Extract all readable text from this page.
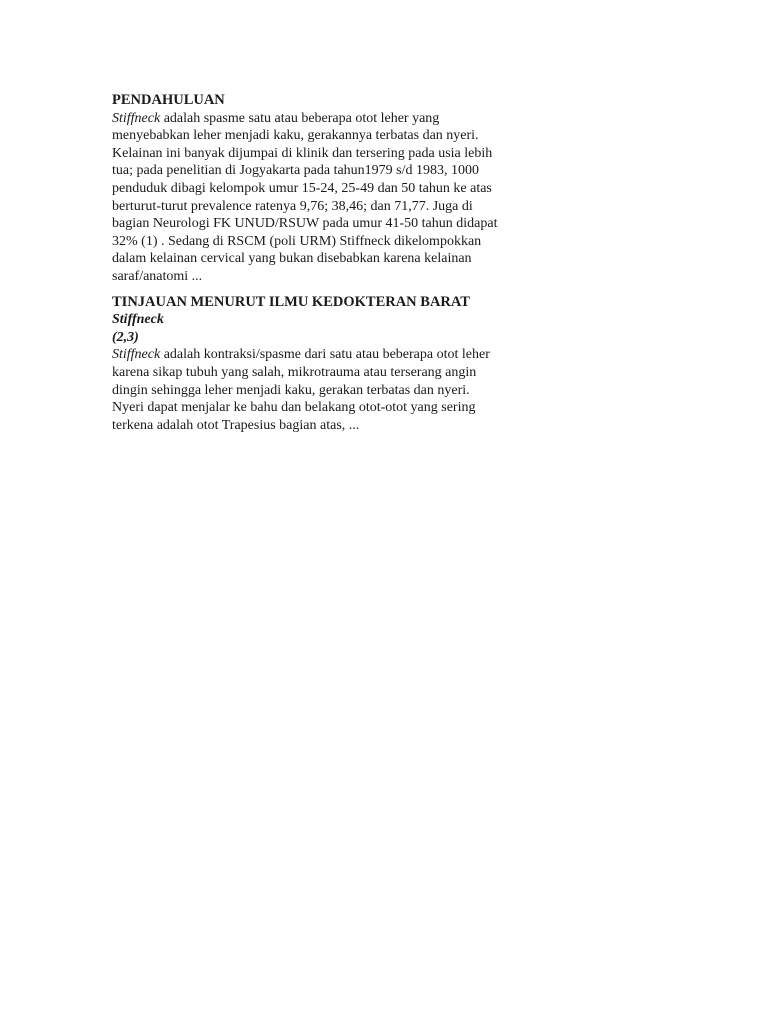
PENDAHULUAN

Stiffneck adalah spasme satu atau beberapa otot leher yang menyebabkan leher menjadi kaku, gerakannya terbatas dan nyeri. Kelainan ini banyak dijumpai di klinik dan tersering pada usia lebih tua; pada penelitian di Jogyakarta pada tahun1979 s/d 1983, 1000 penduduk dibagi kelompok umur 15-24, 25-49 dan 50 tahun ke atas berturut-turut prevalence ratenya 9,76; 38,46; dan 71,77. Juga di bagian Neurologi FK UNUD/RSUW pada umur 41-50 tahun didapat 32% (1) . Sedang di RSCM (poli URM) Stiffneck dikelompokkan dalam kelainan cervical yang bukan disebabkan karena kelainan saraf/anatomi ...

TINJAUAN MENURUT ILMU KEDOKTERAN BARAT
Stiffneck
(2,3)

Stiffneck adalah kontraksi/spasme dari satu atau beberapa otot leher karena sikap tubuh yang salah, mikrotrauma atau terserang angin dingin sehingga leher menjadi kaku, gerakan terbatas dan nyeri. Nyeri dapat menjalar ke bahu dan belakang otot-otot yang sering terkena adalah otot Trapesius bagian atas, ...
